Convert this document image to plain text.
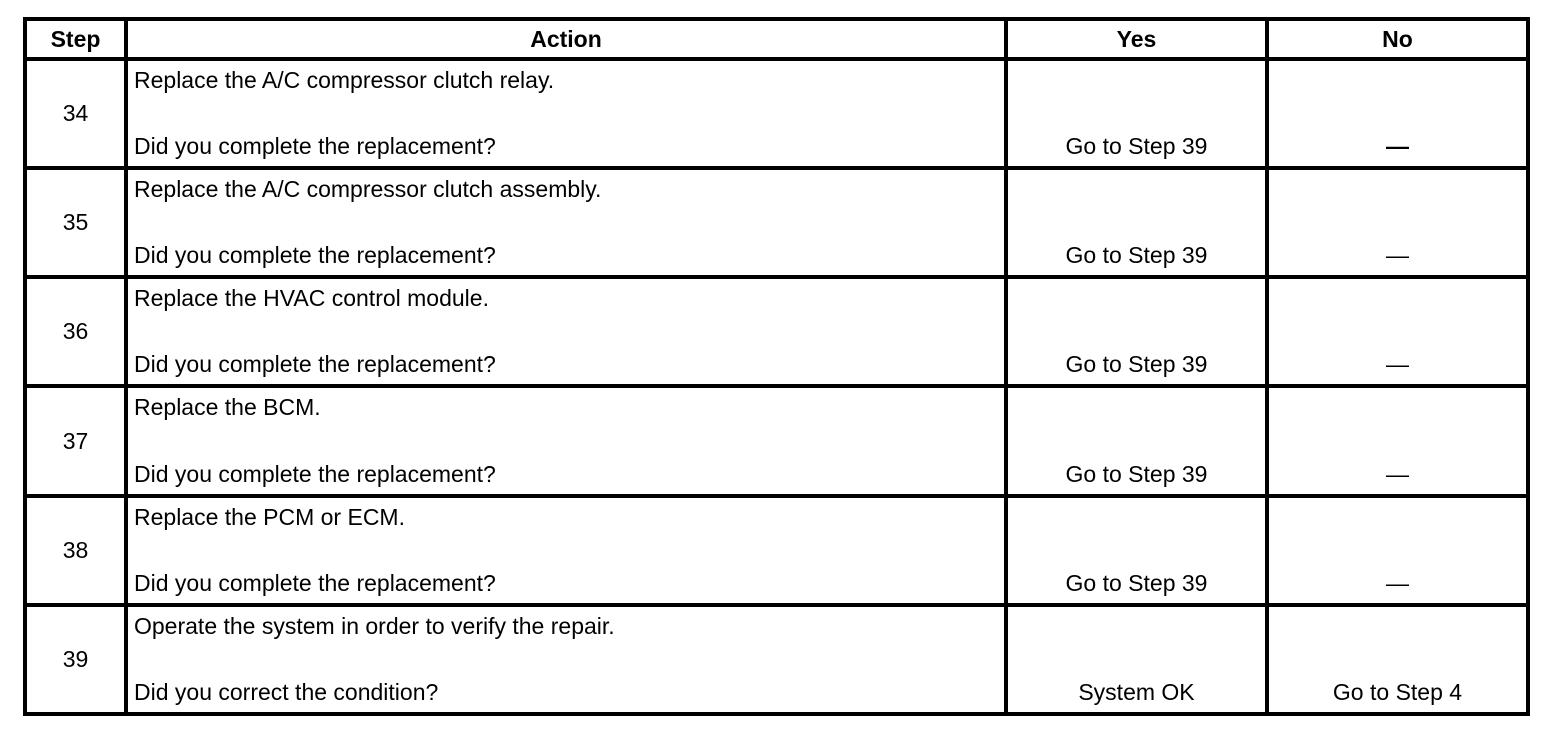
Step	Action	Yes	No
34	Replace the A/C compressor clutch relay.
Did you complete the replacement?	Go to Step 39	—
35	Replace the A/C compressor clutch assembly.
Did you complete the replacement?	Go to Step 39	—
36	Replace the HVAC control module.
Did you complete the replacement?	Go to Step 39	—
37	Replace the BCM.
Did you complete the replacement?	Go to Step 39	—
38	Replace the PCM or ECM.
Did you complete the replacement?	Go to Step 39	—
39	Operate the system in order to verify the repair.
Did you correct the condition?	System OK	Go to Step 4
